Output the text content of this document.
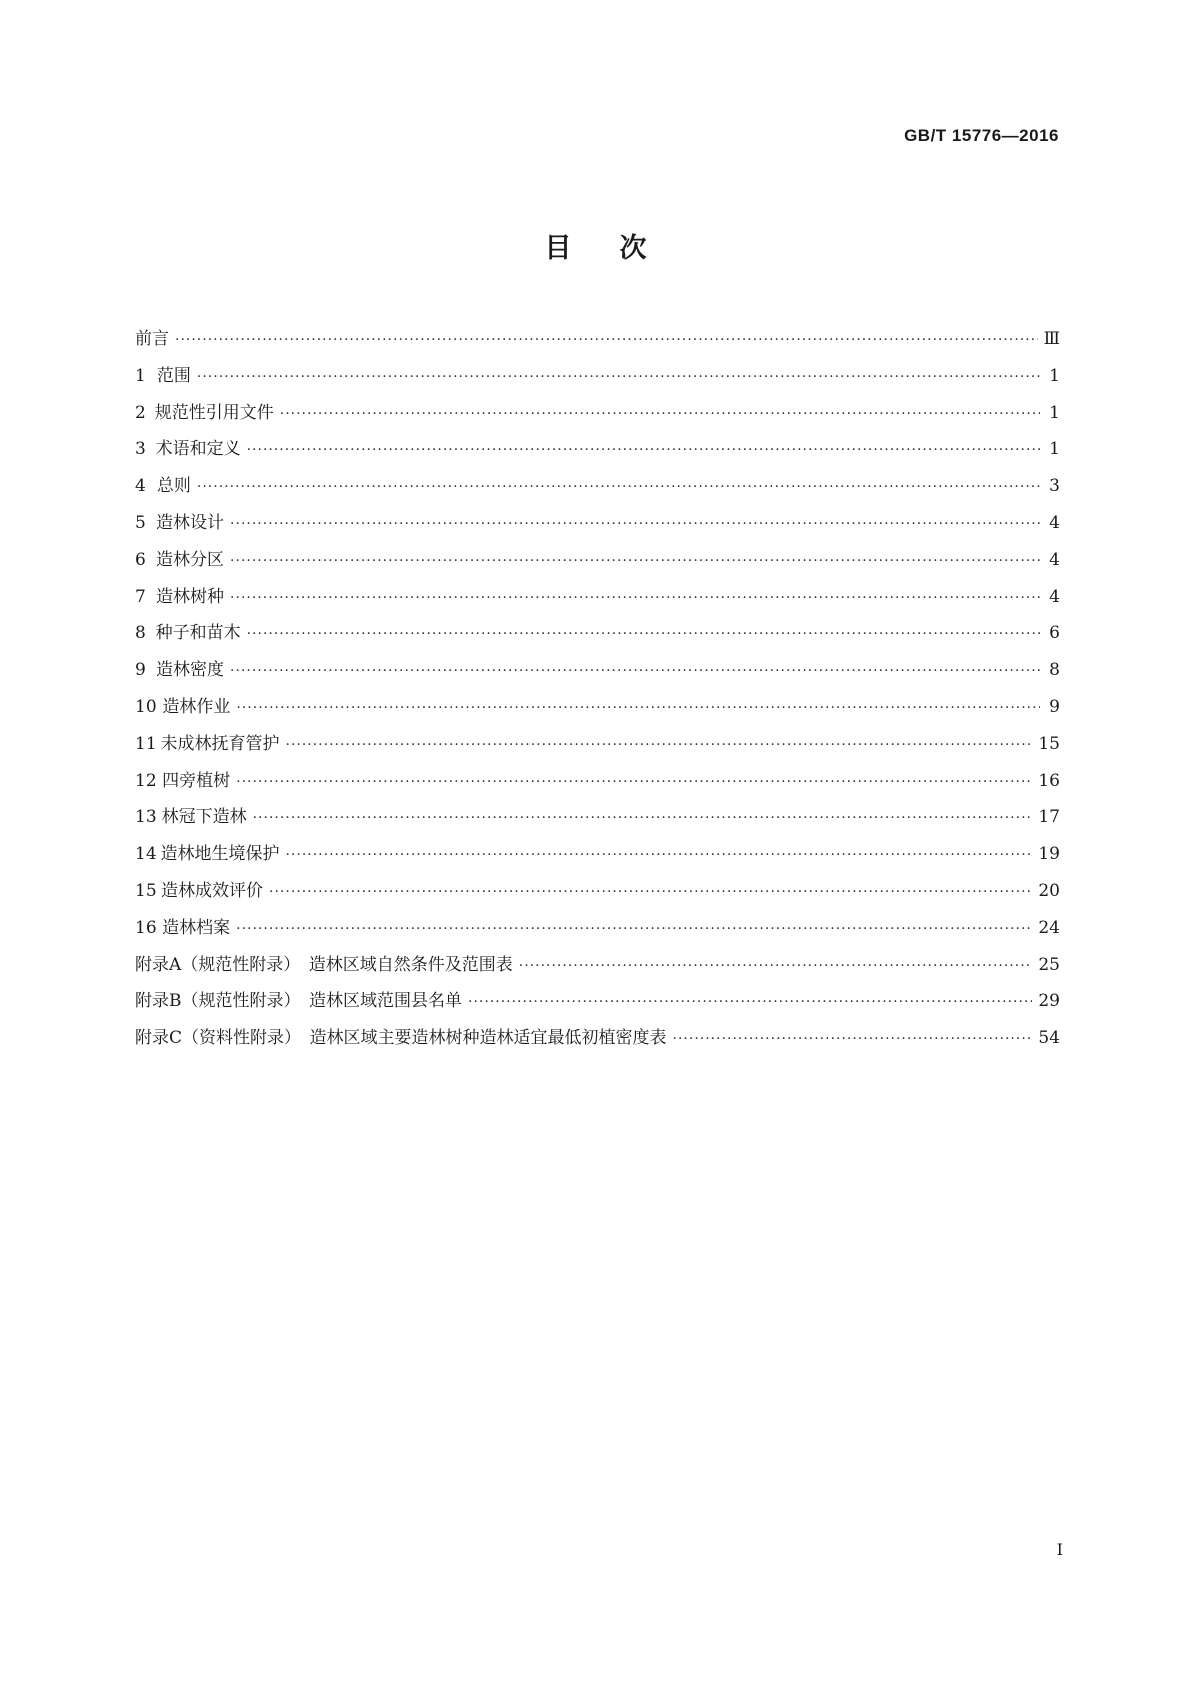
GB/T 15776—2016
目次
前言 ·····	Ⅲ
1 范围 ·····	1
2 规范性引用文件 ·····	1
3 术语和定义 ·····	1
4 总则 ·····	3
5 造林设计 ·····	4
6 造林分区 ·····	4
7 造林树种 ·····	4
8 种子和苗木 ·····	6
9 造林密度 ·····	8
10 造林作业 ·····	9
11 未成林抚育管护 ·····	15
12 四旁植树 ·····	16
13 林冠下造林 ·····	17
14 造林地生境保护 ·····	19
15 造林成效评价 ·····	20
16 造林档案 ·····	24
附录A（规范性附录）　造林区域自然条件及范围表 ·····	25
附录B（规范性附录）　造林区域范围县名单 ·····	29
附录C（资料性附录）　造林区域主要造林树种造林适宜最低初植密度表 ·····	54
I
